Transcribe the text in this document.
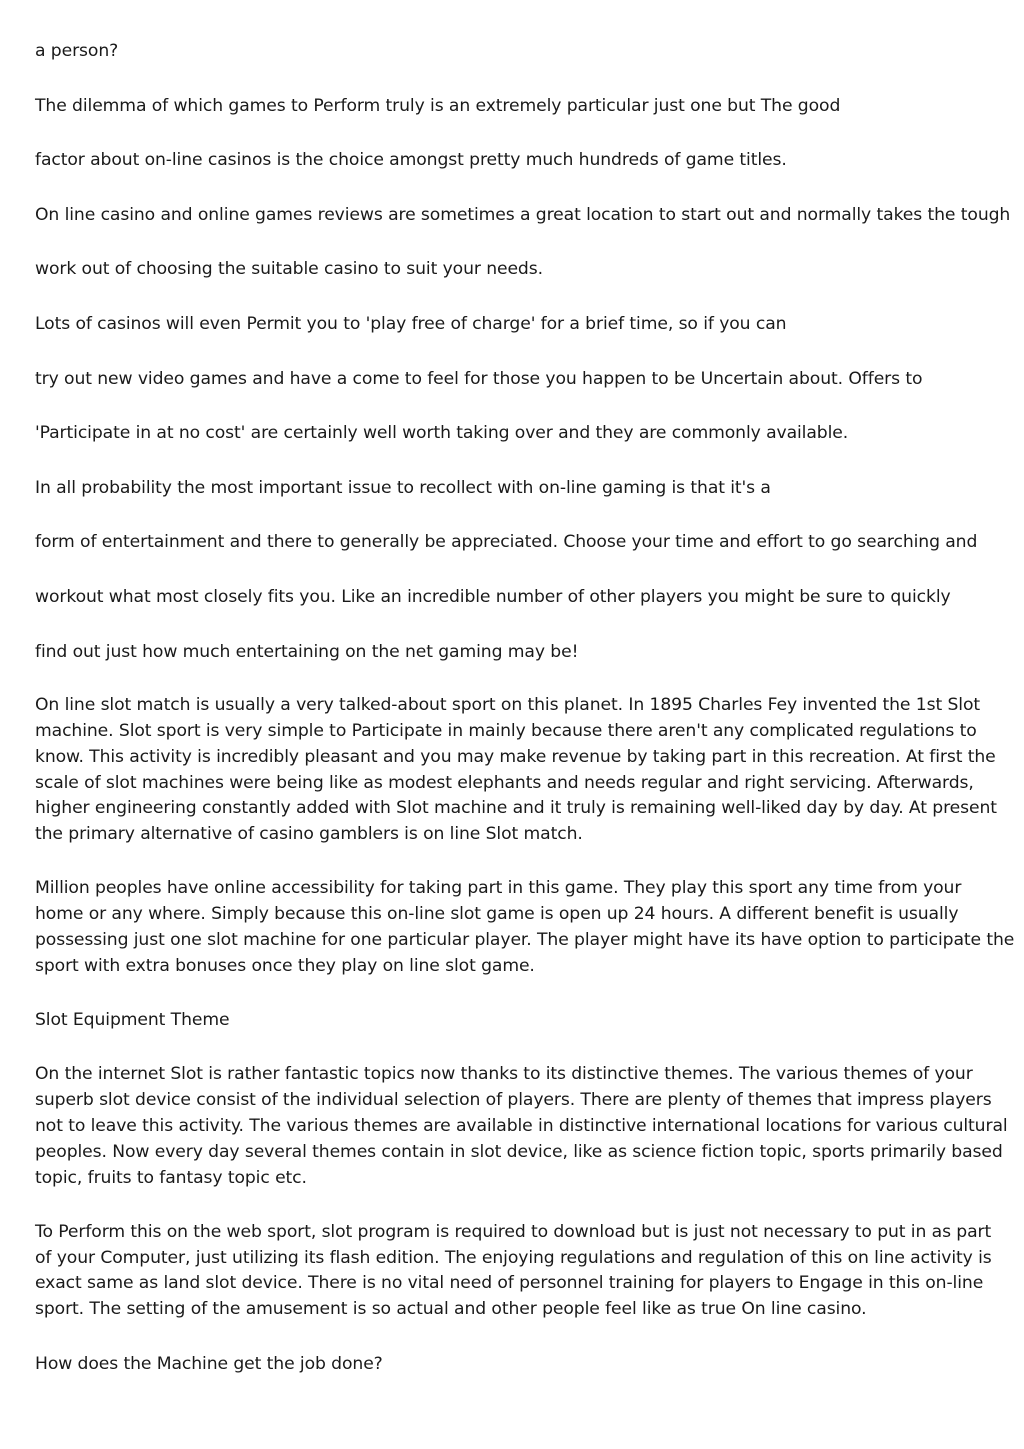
a person?
The dilemma of which games to Perform truly is an extremely particular just one but The good
factor about on-line casinos is the choice amongst pretty much hundreds of game titles.
On line casino and online games reviews are sometimes a great location to start out and normally takes the tough
work out of choosing the suitable casino to suit your needs.
Lots of casinos will even Permit you to 'play free of charge' for a brief time, so if you can
try out new video games and have a come to feel for those you happen to be Uncertain about. Offers to
'Participate in at no cost' are certainly well worth taking over and they are commonly available.
In all probability the most important issue to recollect with on-line gaming is that it's a
form of entertainment and there to generally be appreciated. Choose your time and effort to go searching and
workout what most closely fits you. Like an incredible number of other players you might be sure to quickly
find out just how much entertaining on the net gaming may be!
On line slot match is usually a very talked-about sport on this planet. In 1895 Charles Fey invented the 1st Slot
machine. Slot sport is very simple to Participate in mainly because there aren't any complicated regulations to
know. This activity is incredibly pleasant and you may make revenue by taking part in this recreation. At first the
scale of slot machines were being like as modest elephants and needs regular and right servicing. Afterwards,
higher engineering constantly added with Slot machine and it truly is remaining well-liked day by day. At present
the primary alternative of casino gamblers is on line Slot match.
Million peoples have online accessibility for taking part in this game. They play this sport any time from your
home or any where. Simply because this on-line slot game is open up 24 hours. A different benefit is usually
possessing just one slot machine for one particular player. The player might have its have option to participate the
sport with extra bonuses once they play on line slot game.
Slot Equipment Theme
On the internet Slot is rather fantastic topics now thanks to its distinctive themes. The various themes of your
superb slot device consist of the individual selection of players. There are plenty of themes that impress players
not to leave this activity. The various themes are available in distinctive international locations for various cultural
peoples. Now every day several themes contain in slot device, like as science fiction topic, sports primarily based
topic, fruits to fantasy topic etc.
To Perform this on the web sport, slot program is required to download but is just not necessary to put in as part
of your Computer, just utilizing its flash edition. The enjoying regulations and regulation of this on line activity is
exact same as land slot device. There is no vital need of personnel training for players to Engage in this on-line
sport. The setting of the amusement is so actual and other people feel like as true On line casino.
How does the Machine get the job done?
